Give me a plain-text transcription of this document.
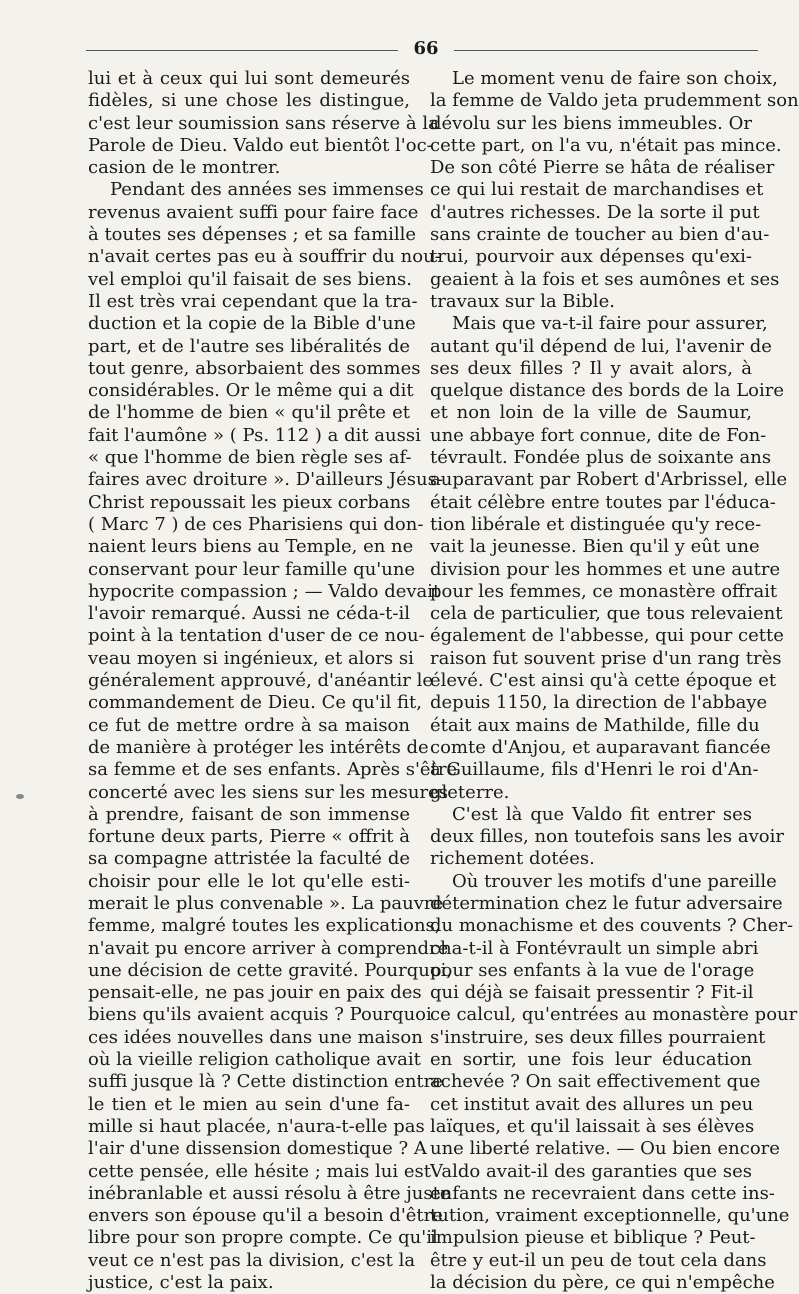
66
lui et à ceux qui lui sont demeurés
fidèles, si une chose les distingue,
c'est leur soumission sans réserve à la
Parole de Dieu. Valdo eut bientôt l'oc-
casion de le montrer.
Pendant des années ses immenses
revenus avaient suffi pour faire face
à toutes ses dépenses ; et sa famille
n'avait certes pas eu à souffrir du nou-
vel emploi qu'il faisait de ses biens.
Il est très vrai cependant que la tra-
duction et la copie de la Bible d'une
part, et de l'autre ses libéralités de
tout genre, absorbaient des sommes
considérables. Or le même qui a dit
de l'homme de bien « qu'il prête et
fait l'aumône » ( Ps. 112 ) a dit aussi
« que l'homme de bien règle ses af-
faires avec droiture ». D'ailleurs Jésus-
Christ repoussait les pieux corbans
( Marc 7 ) de ces Pharisiens qui don-
naient leurs biens au Temple, en ne
conservant pour leur famille qu'une
hypocrite compassion ; — Valdo devait
l'avoir remarqué. Aussi ne céda-t-il
point à la tentation d'user de ce nou-
veau moyen si ingénieux, et alors si
généralement approuvé, d'anéantir le
commandement de Dieu. Ce qu'il fit,
ce fut de mettre ordre à sa maison
de manière à protéger les intérêts de
sa femme et de ses enfants. Après s'être
concerté avec les siens sur les mesures
à prendre, faisant de son immense
fortune deux parts, Pierre « offrit à
sa compagne attristée la faculté de
choisir pour elle le lot qu'elle esti-
merait le plus convenable ». La pauvre
femme, malgré toutes les explications,
n'avait pu encore arriver à comprendre
une décision de cette gravité. Pourquoi,
pensait-elle, ne pas jouir en paix des
biens qu'ils avaient acquis ? Pourquoi
ces idées nouvelles dans une maison
où la vieille religion catholique avait
suffi jusque là ? Cette distinction entre
le tien et le mien au sein d'une fa-
mille si haut placée, n'aura-t-elle pas
l'air d'une dissension domestique ? A
cette pensée, elle hésite ; mais lui est
inébranlable et aussi résolu à être juste
envers son épouse qu'il a besoin d'être
libre pour son propre compte. Ce qu'il
veut ce n'est pas la division, c'est la
justice, c'est la paix.
Le moment venu de faire son choix,
la femme de Valdo jeta prudemment son
dévolu sur les biens immeubles. Or
cette part, on l'a vu, n'était pas mince.
De son côté Pierre se hâta de réaliser
ce qui lui restait de marchandises et
d'autres richesses. De la sorte il put
sans crainte de toucher au bien d'au-
trui, pourvoir aux dépenses qu'exi-
geaient à la fois et ses aumônes et ses
travaux sur la Bible.
Mais que va-t-il faire pour assurer,
autant qu'il dépend de lui, l'avenir de
ses deux filles ? Il y avait alors, à
quelque distance des bords de la Loire
et non loin de la ville de Saumur,
une abbaye fort connue, dite de Fon-
tévrault. Fondée plus de soixante ans
auparavant par Robert d'Arbrissel, elle
était célèbre entre toutes par l'éduca-
tion libérale et distinguée qu'y rece-
vait la jeunesse. Bien qu'il y eût une
division pour les hommes et une autre
pour les femmes, ce monastère offrait
cela de particulier, que tous relevaient
également de l'abbesse, qui pour cette
raison fut souvent prise d'un rang très
élevé. C'est ainsi qu'à cette époque et
depuis 1150, la direction de l'abbaye
était aux mains de Mathilde, fille du
comte d'Anjou, et auparavant fiancée
à Guillaume, fils d'Henri le roi d'An-
gleterre.
C'est là que Valdo fit entrer ses
deux filles, non toutefois sans les avoir
richement dotées.
Où trouver les motifs d'une pareille
détermination chez le futur adversaire
du monachisme et des couvents ? Cher-
cha-t-il à Fontévrault un simple abri
pour ses enfants à la vue de l'orage
qui déjà se faisait pressentir ? Fit-il
ce calcul, qu'entrées au monastère pour
s'instruire, ses deux filles pourraient
en sortir, une fois leur éducation
achevée ? On sait effectivement que
cet institut avait des allures un peu
laïques, et qu'il laissait à ses élèves
une liberté relative. — Ou bien encore
Valdo avait-il des garanties que ses
enfants ne recevraient dans cette ins-
tution, vraiment exceptionnelle, qu'une
impulsion pieuse et biblique ? Peut-
être y eut-il un peu de tout cela dans
la décision du père, ce qui n'empêche
